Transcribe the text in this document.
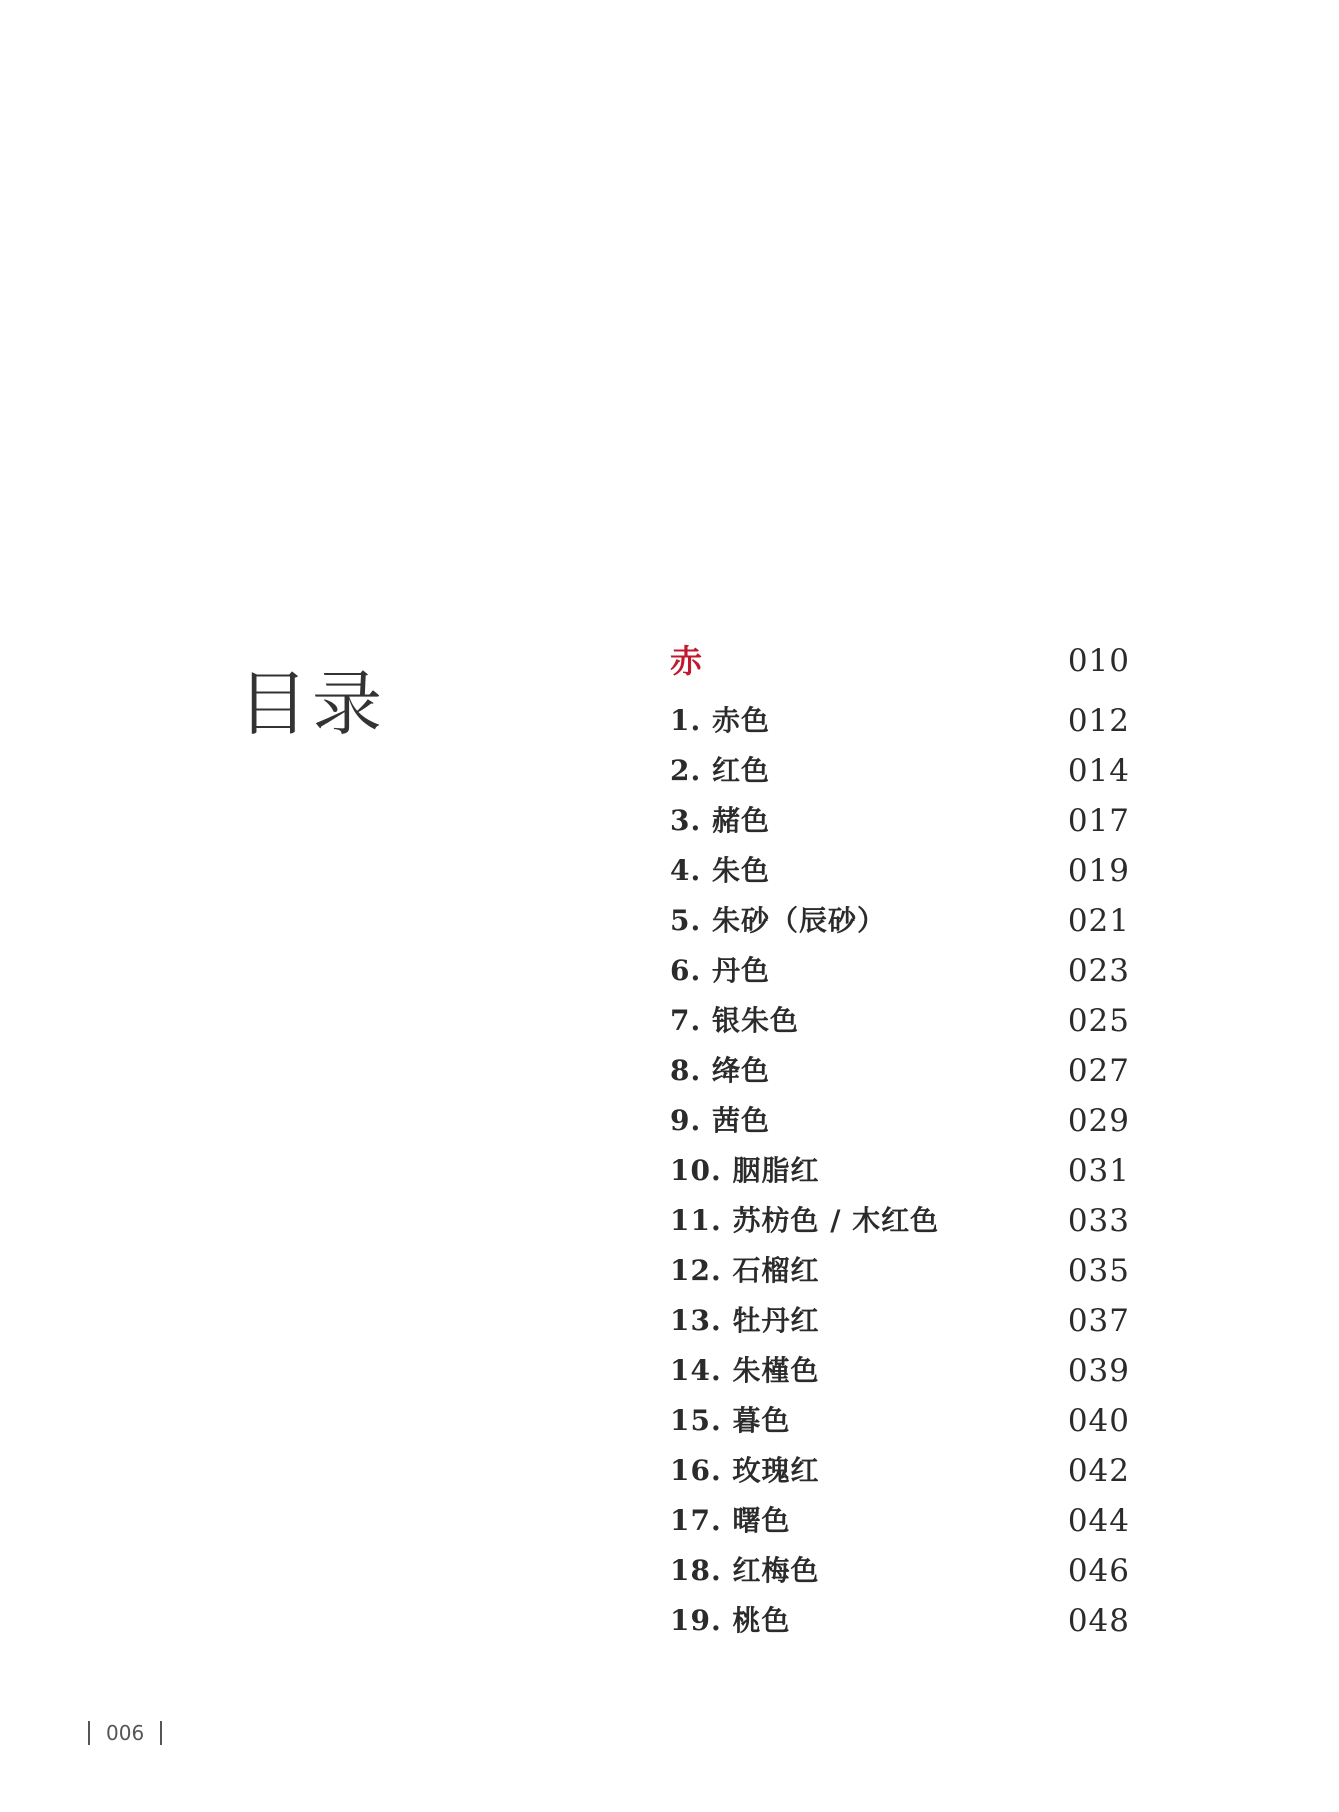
目录
赤	010
1. 赤色	012
2. 红色	014
3. 赭色	017
4. 朱色	019
5. 朱砂（辰砂）	021
6. 丹色	023
7. 银朱色	025
8. 绛色	027
9. 茜色	029
10. 胭脂红	031
11. 苏枋色 / 木红色	033
12. 石榴红	035
13. 牡丹红	037
14. 朱槿色	039
15. 暮色	040
16. 玫瑰红	042
17. 曙色	044
18. 红梅色	046
19. 桃色	048
006
